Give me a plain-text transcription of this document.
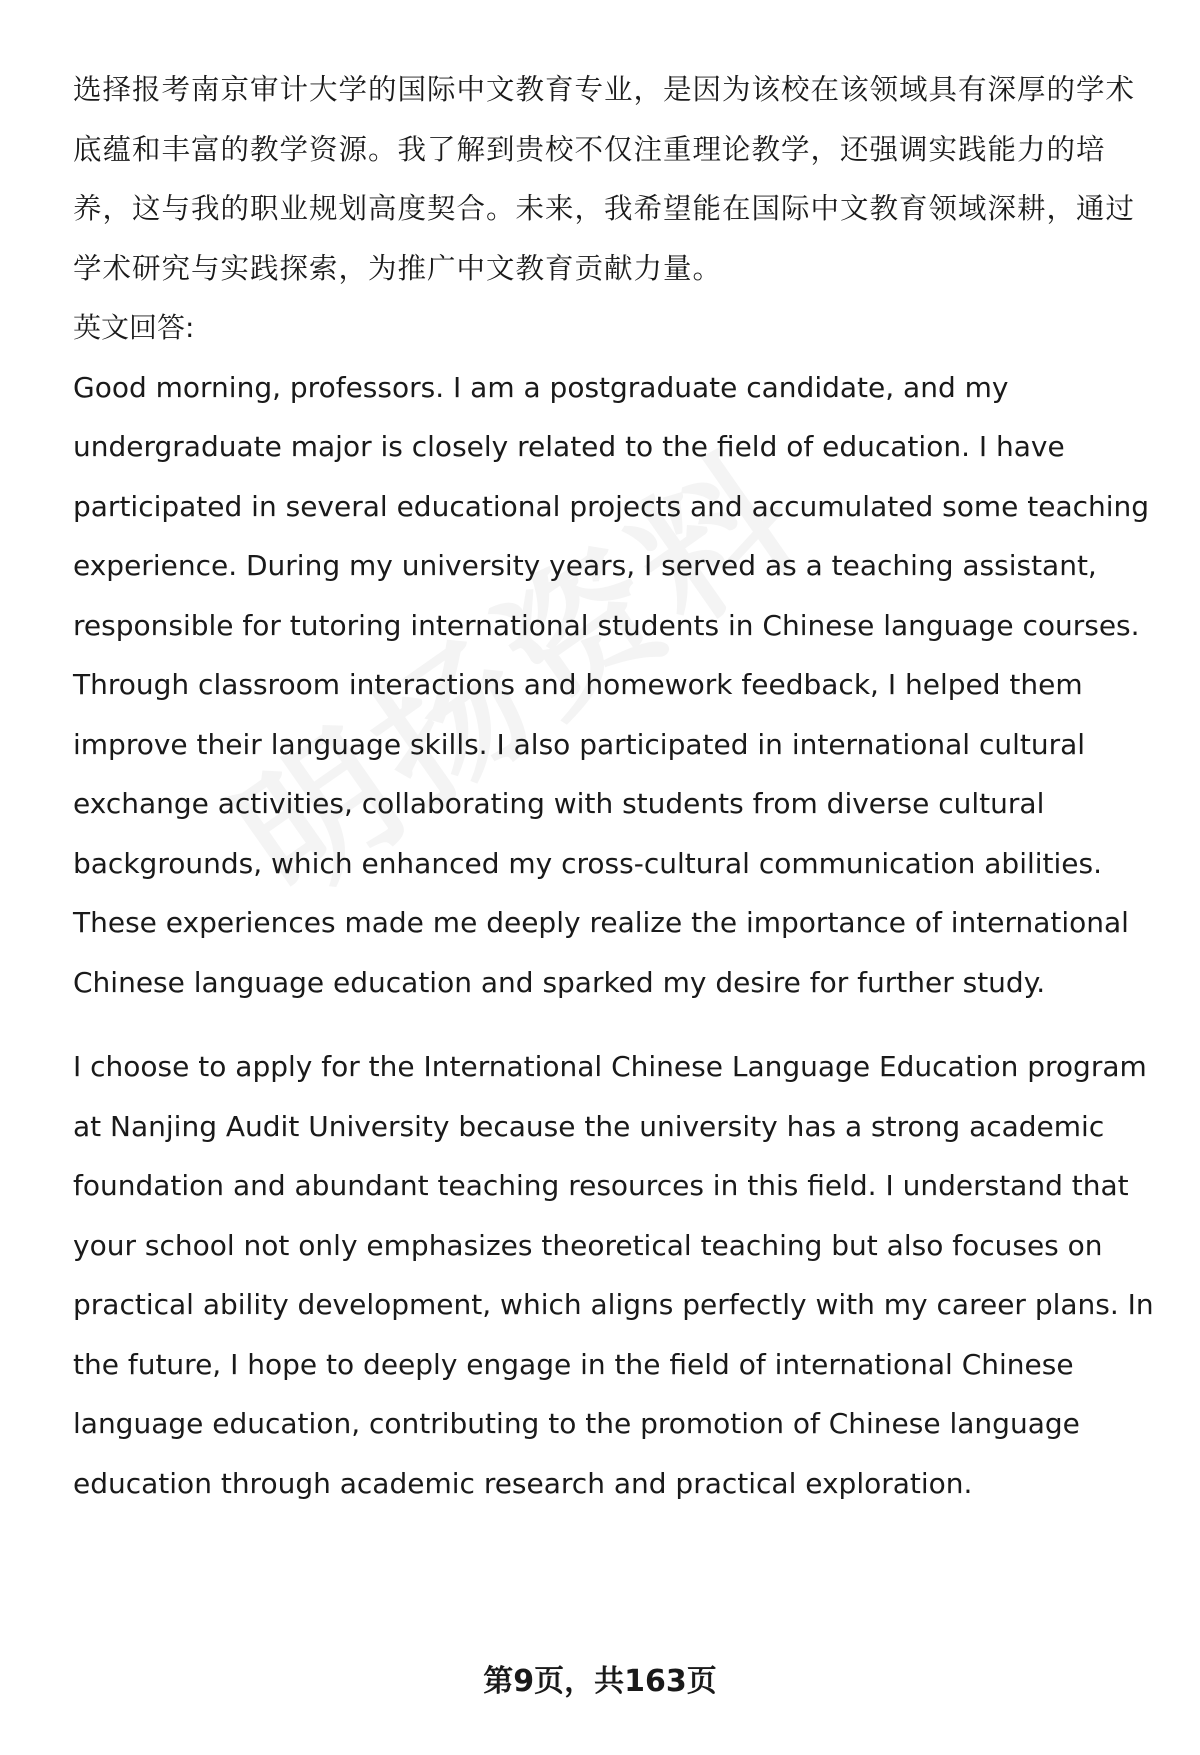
选择报考南京审计大学的国际中文教育专业，是因为该校在该领域具有深厚的学术底蕴和丰富的教学资源。我了解到贵校不仅注重理论教学，还强调实践能力的培养，这与我的职业规划高度契合。未来，我希望能在国际中文教育领域深耕，通过学术研究与实践探索，为推广中文教育贡献力量。

英文回答:

Good morning, professors. I am a postgraduate candidate, and my undergraduate major is closely related to the field of education. I have participated in several educational projects and accumulated some teaching experience. During my university years, I served as a teaching assistant, responsible for tutoring international students in Chinese language courses. Through classroom interactions and homework feedback, I helped them improve their language skills. I also participated in international cultural exchange activities, collaborating with students from diverse cultural backgrounds, which enhanced my cross-cultural communication abilities. These experiences made me deeply realize the importance of international Chinese language education and sparked my desire for further study.

I choose to apply for the International Chinese Language Education program at Nanjing Audit University because the university has a strong academic foundation and abundant teaching resources in this field. I understand that your school not only emphasizes theoretical teaching but also focuses on practical ability development, which aligns perfectly with my career plans. In the future, I hope to deeply engage in the field of international Chinese language education, contributing to the promotion of Chinese language education through academic research and practical exploration.

第9页，共163页
